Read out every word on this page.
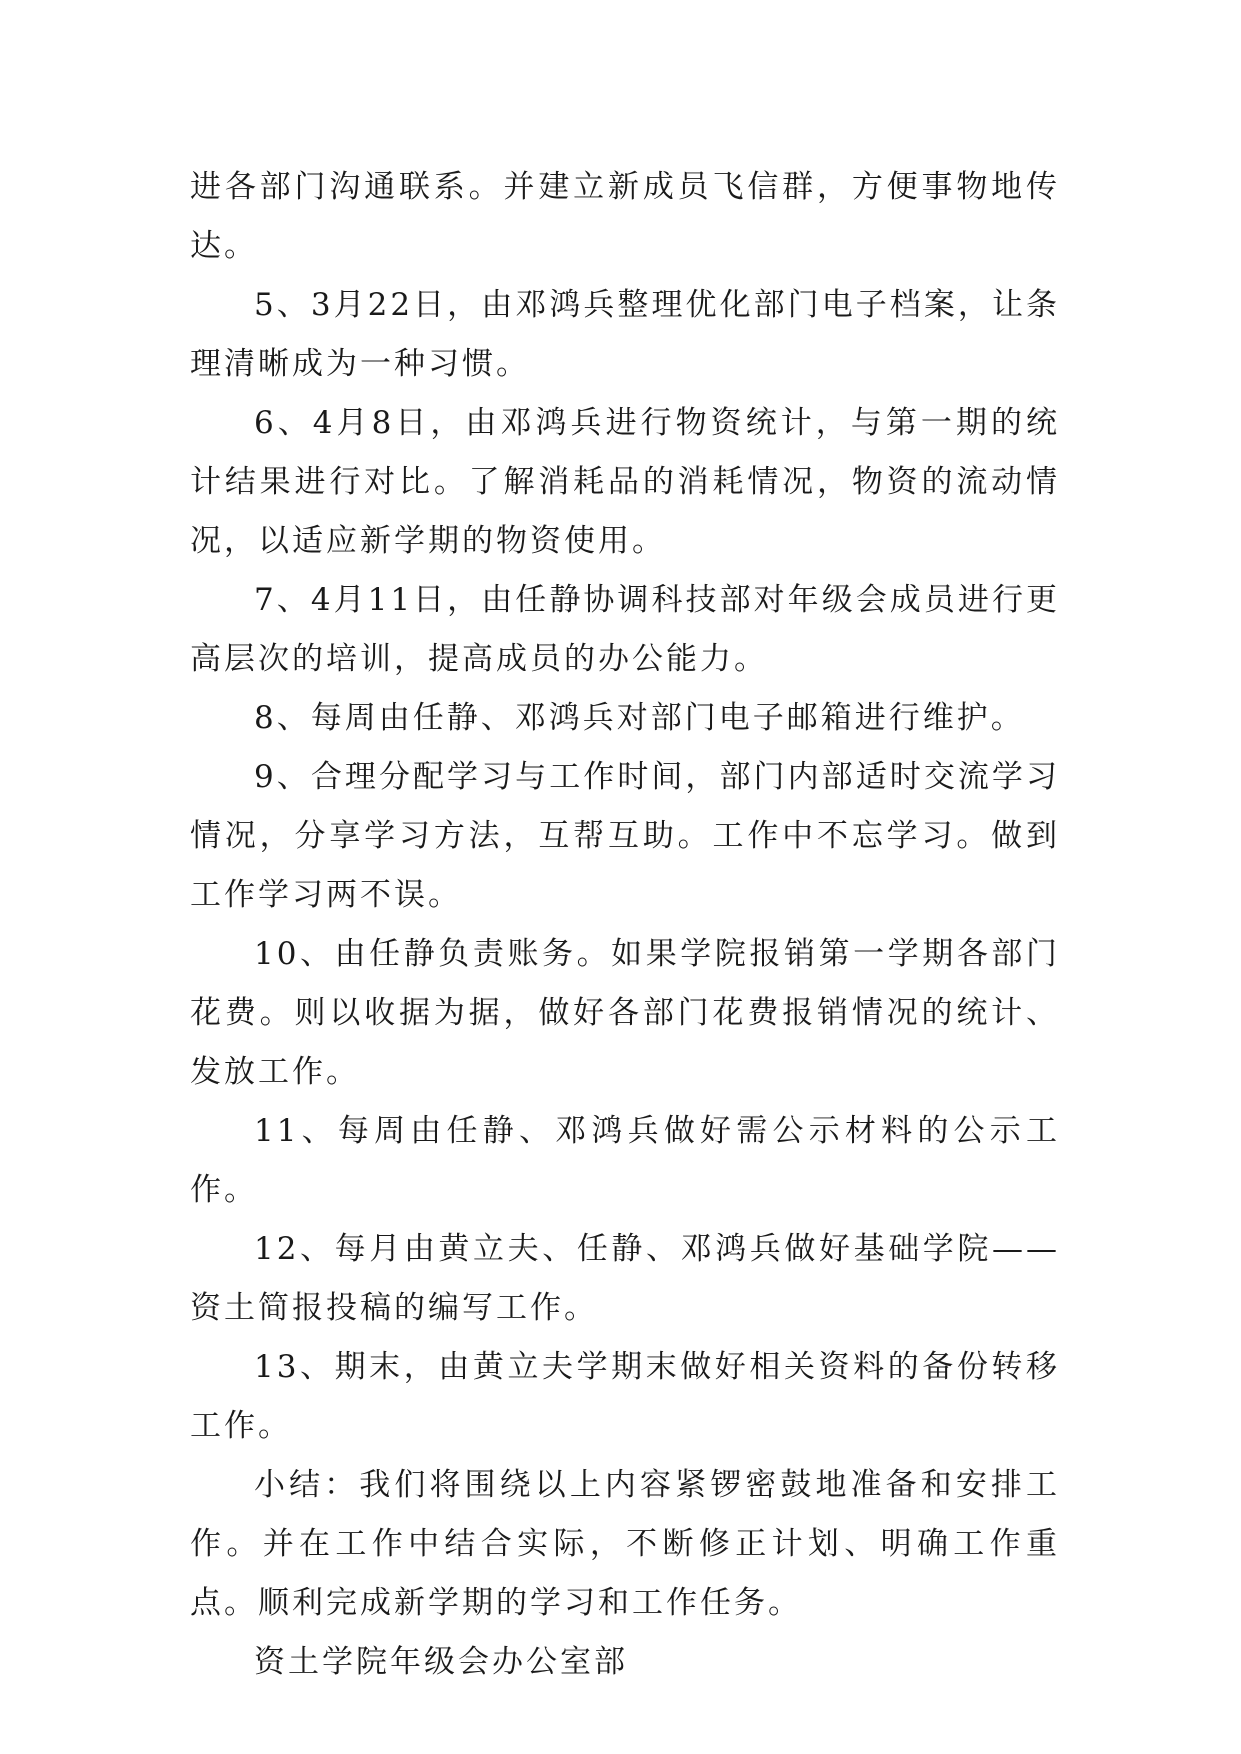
进各部门沟通联系。并建立新成员飞信群，方便事物地传达。

5、3月22日，由邓鸿兵整理优化部门电子档案，让条理清晰成为一种习惯。

6、4月8日，由邓鸿兵进行物资统计，与第一期的统计结果进行对比。了解消耗品的消耗情况，物资的流动情况，以适应新学期的物资使用。

7、4月11日，由任静协调科技部对年级会成员进行更高层次的培训，提高成员的办公能力。

8、每周由任静、邓鸿兵对部门电子邮箱进行维护。

9、合理分配学习与工作时间，部门内部适时交流学习情况，分享学习方法，互帮互助。工作中不忘学习。做到工作学习两不误。

10、由任静负责账务。如果学院报销第一学期各部门花费。则以收据为据，做好各部门花费报销情况的统计、发放工作。

11、每周由任静、邓鸿兵做好需公示材料的公示工作。

12、每月由黄立夫、任静、邓鸿兵做好基础学院——资土简报投稿的编写工作。

13、期末，由黄立夫学期末做好相关资料的备份转移工作。

小结：我们将围绕以上内容紧锣密鼓地准备和安排工作。并在工作中结合实际，不断修正计划、明确工作重点。顺利完成新学期的学习和工作任务。

资土学院年级会办公室部
